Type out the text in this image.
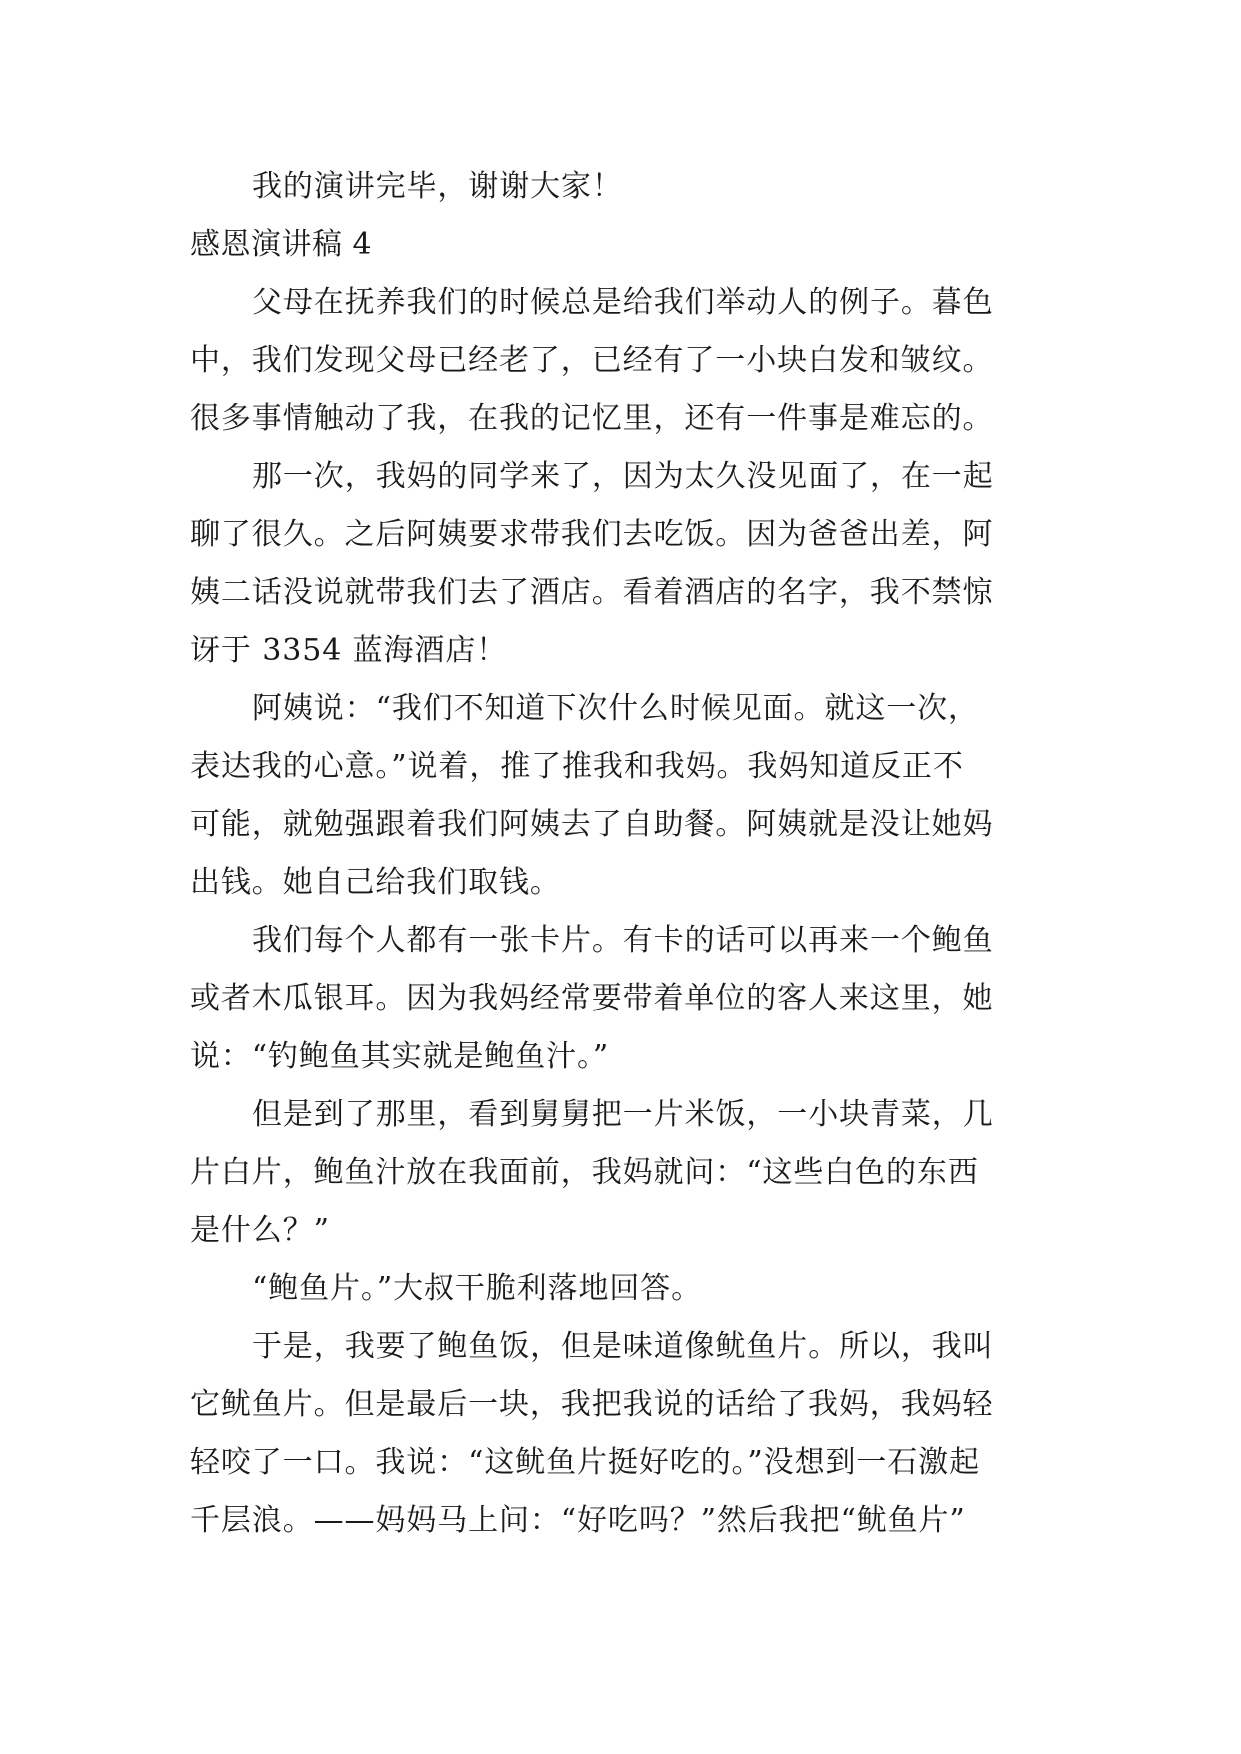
我的演讲完毕，谢谢大家！
感恩演讲稿 4
父母在抚养我们的时候总是给我们举动人的例子。暮色
中，我们发现父母已经老了，已经有了一小块白发和皱纹。
很多事情触动了我，在我的记忆里，还有一件事是难忘的。
那一次，我妈的同学来了，因为太久没见面了，在一起
聊了很久。之后阿姨要求带我们去吃饭。因为爸爸出差，阿
姨二话没说就带我们去了酒店。看着酒店的名字，我不禁惊
讶于 3354 蓝海酒店！
阿姨说：“我们不知道下次什么时候见面。就这一次，
表达我的心意。”说着，推了推我和我妈。我妈知道反正不
可能，就勉强跟着我们阿姨去了自助餐。阿姨就是没让她妈
出钱。她自己给我们取钱。
我们每个人都有一张卡片。有卡的话可以再来一个鲍鱼
或者木瓜银耳。因为我妈经常要带着单位的客人来这里，她
说：“钓鲍鱼其实就是鲍鱼汁。”
但是到了那里，看到舅舅把一片米饭，一小块青菜，几
片白片，鲍鱼汁放在我面前，我妈就问：“这些白色的东西
是什么？”
“鲍鱼片。”大叔干脆利落地回答。
于是，我要了鲍鱼饭，但是味道像鱿鱼片。所以，我叫
它鱿鱼片。但是最后一块，我把我说的话给了我妈，我妈轻
轻咬了一口。我说：“这鱿鱼片挺好吃的。”没想到一石激起
千层浪。——妈妈马上问：“好吃吗？”然后我把“鱿鱼片”
